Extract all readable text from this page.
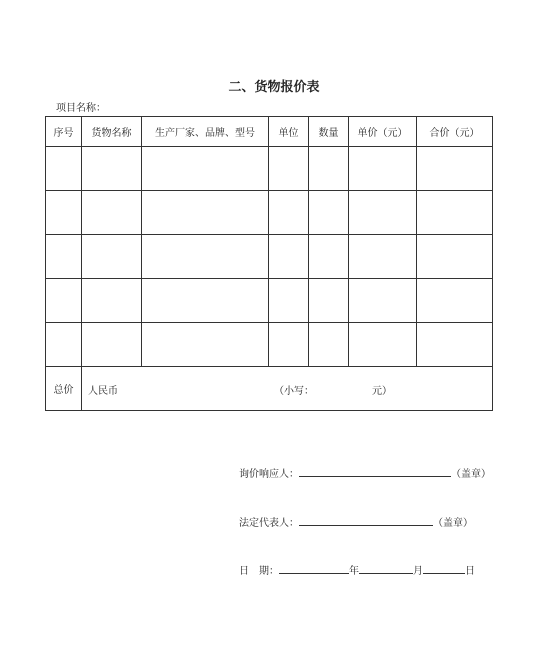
二、货物报价表
项目名称：
序号	货物名称	生产厂家、品牌、型号	单位	数量	单价（元）	合价（元）

总价	人民币 （小写： 元）					
询价响应人：	（盖章）
法定代表人：	（盖章）
日　期：	年	月	日
